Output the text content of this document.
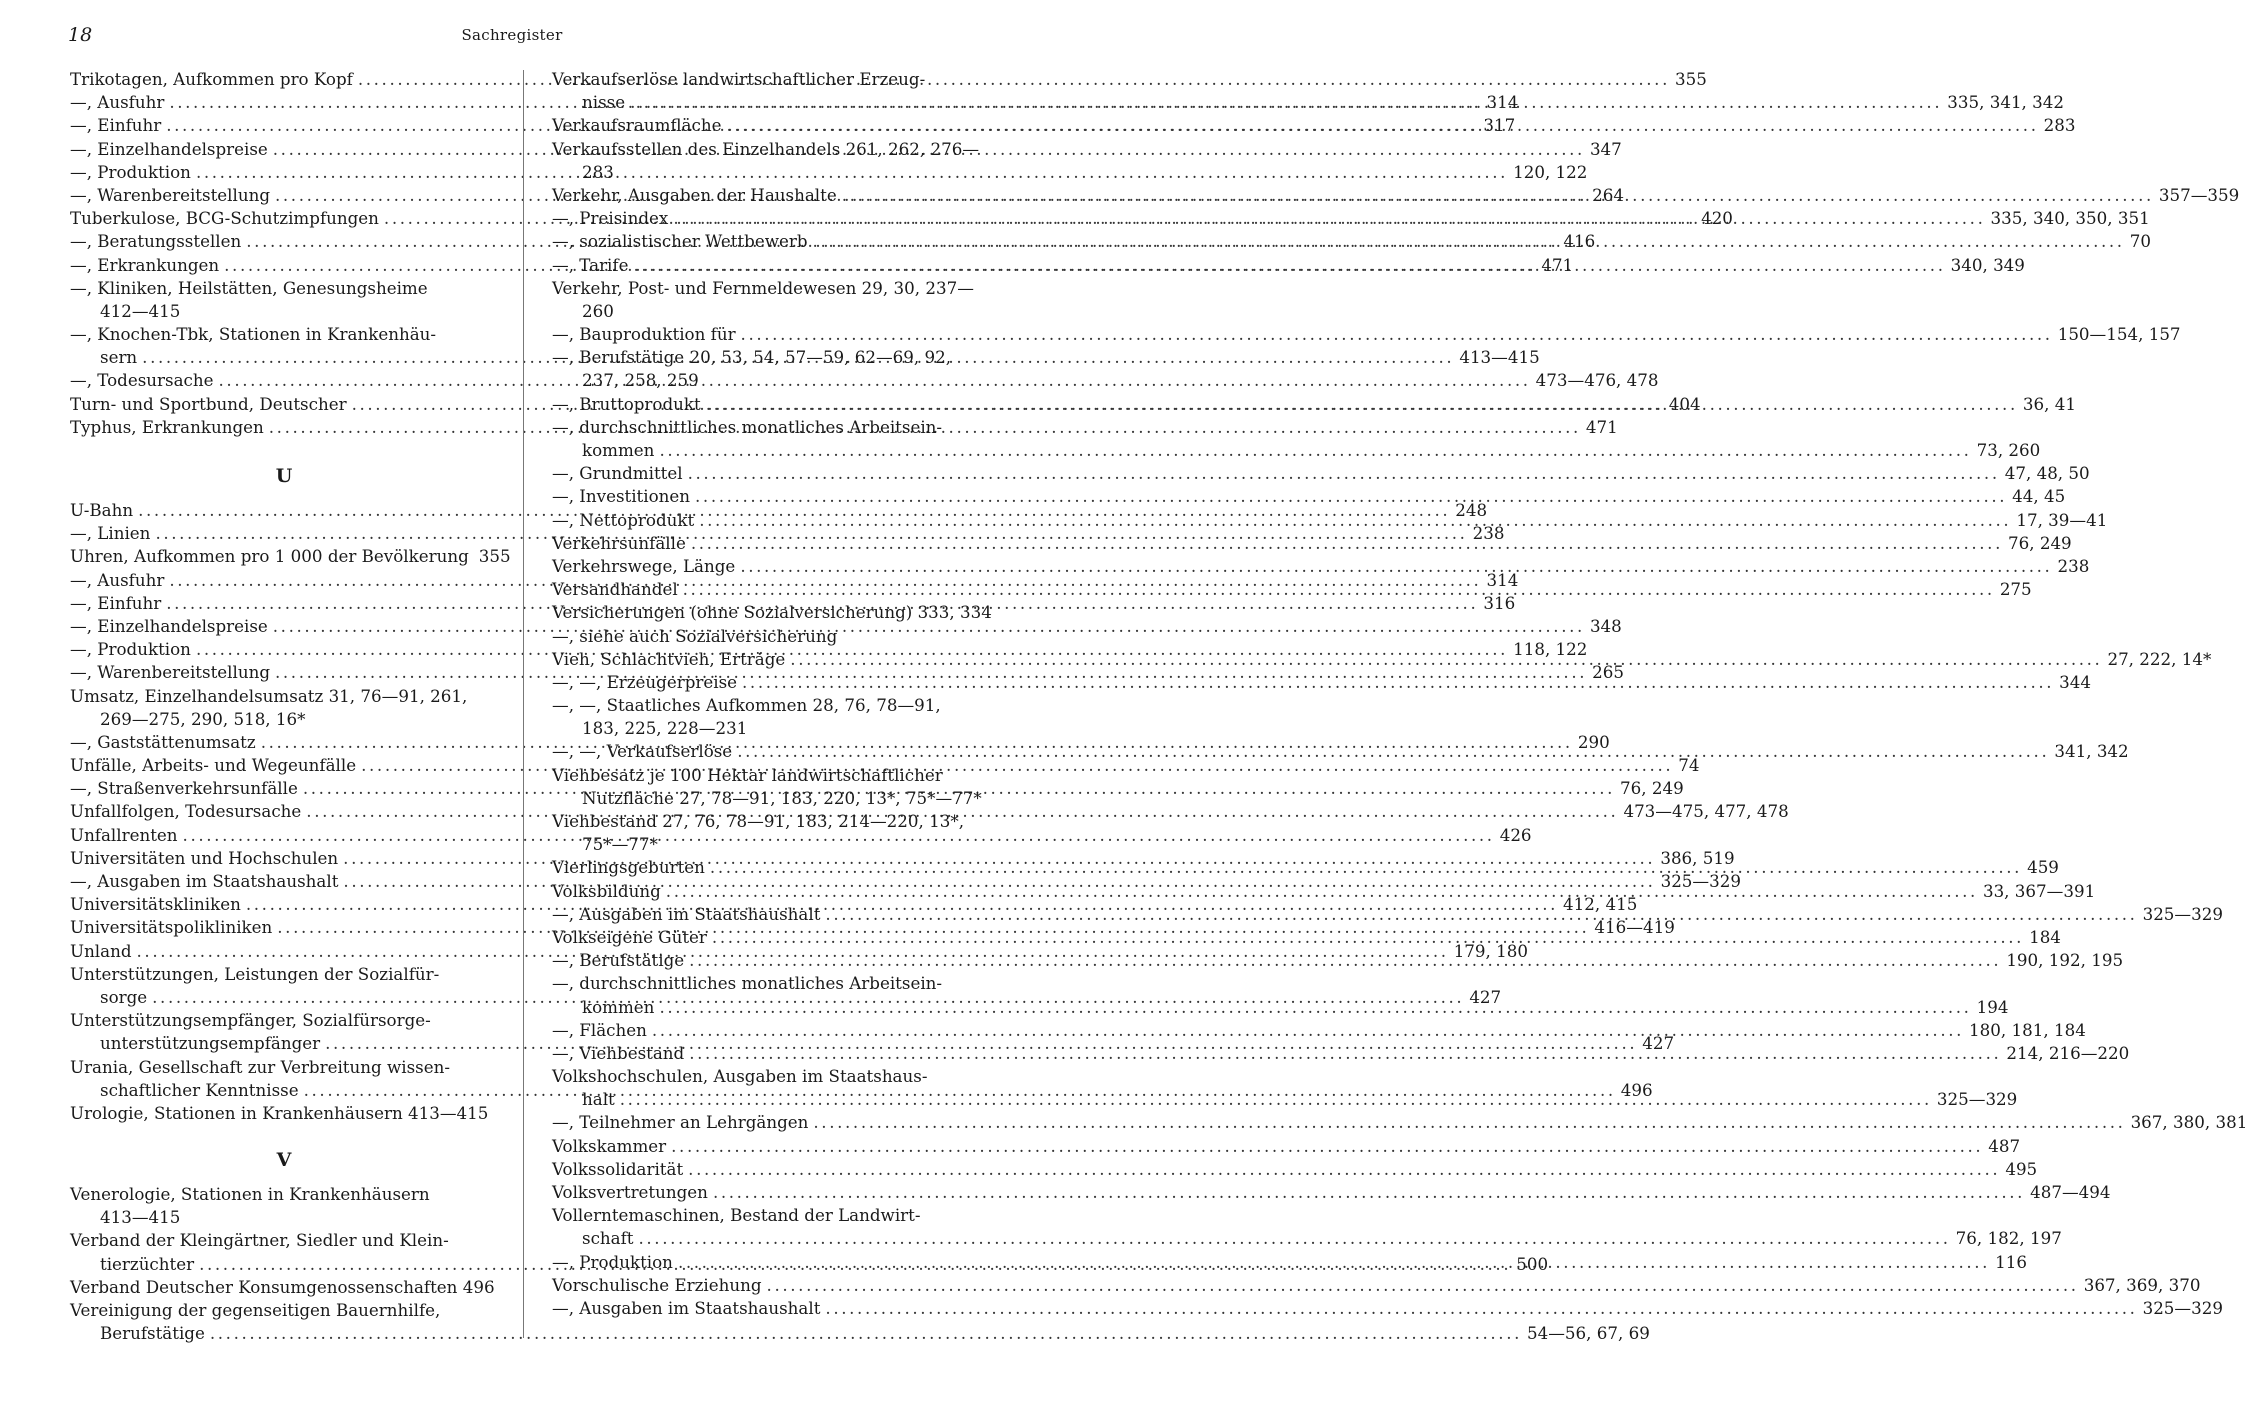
18	Sachregister
Trikotagen, Aufkommen pro Kopf .....	355
—, Ausfuhr .....	314
—, Einfuhr .....	317
—, Einzelhandelspreise .....	347
—, Produktion .....	120, 122
—, Warenbereitstellung .....	264
Tuberkulose, BCG-Schutzimpfungen .....	420
—, Beratungsstellen .....	416
—, Erkrankungen .....	471
—, Kliniken, Heilstätten, Genesungsheime
412—415
—, Knochen-Tbk, Stationen in Krankenhäu-
sern .....	413—415
—, Todesursache .....	473—476, 478
Turn- und Sportbund, Deutscher .....	404
Typhus, Erkrankungen .....	471
U
U-Bahn .....	248
—, Linien .....	238
Uhren, Aufkommen pro 1 000 der Bevölkerung 355
—, Ausfuhr .....	314
—, Einfuhr .....	316
—, Einzelhandelspreise .....	348
—, Produktion .....	118, 122
—, Warenbereitstellung .....	265
Umsatz, Einzelhandelsumsatz 31, 76—91, 261,
269—275, 290, 518, 16*
—, Gaststättenumsatz .....	290
Unfälle, Arbeits- und Wegeunfälle .....	74
—, Straßenverkehrsunfälle .....	76, 249
Unfallfolgen, Todesursache .....	473—475, 477, 478
Unfallrenten .....	426
Universitäten und Hochschulen .....	386, 519
—, Ausgaben im Staatshaushalt .....	325—329
Universitätskliniken .....	412, 415
Universitätspolikliniken .....	416—419
Unland .....	179, 180
Unterstützungen, Leistungen der Sozialfür-
sorge .....	427
Unterstützungsempfänger, Sozialfürsorge-
unterstützungsempfänger .....	427
Urania, Gesellschaft zur Verbreitung wissen-
schaftlicher Kenntnisse .....	496
Urologie, Stationen in Krankenhäusern 413—415
V
Venerologie, Stationen in Krankenhäusern
413—415
Verband der Kleingärtner, Siedler und Klein-
tierzüchter .....	500
Verband Deutscher Konsumgenossenschaften 496
Vereinigung der gegenseitigen Bauernhilfe,
Berufstätige .....	54—56, 67, 69
Verkaufserlöse landwirtschaftlicher Erzeug-
nisse .....	335, 341, 342
Verkaufsraumfläche .....	283
Verkaufsstellen des Einzelhandels 261, 262, 276—
283
Verkehr, Ausgaben der Haushalte .....	357—359
—, Preisindex .....	335, 340, 350, 351
—, sozialistischer Wettbewerb .....	70
—, Tarife .....	340, 349
Verkehr, Post- und Fernmeldewesen 29, 30, 237—
260
—, Bauproduktion für .....	150—154, 157
—, Berufstätige 20, 53, 54, 57—59, 62—69, 92,
237, 258, 259
—, Bruttoprodukt .....	36, 41
—, durchschnittliches monatliches Arbeitsein-
kommen .....	73, 260
—, Grundmittel .....	47, 48, 50
—, Investitionen .....	44, 45
—, Nettoprodukt .....	17, 39—41
Verkehrsunfälle .....	76, 249
Verkehrswege, Länge .....	238
Versandhandel .....	275
Versicherungen (ohne Sozialversicherung) 333, 334
—, siehe auch Sozialversicherung
Vieh, Schlachtvieh, Erträge .....	27, 222, 14*
—, —, Erzeugerpreise .....	344
—, —, Staatliches Aufkommen 28, 76, 78—91,
183, 225, 228—231
—, —, Verkaufserlöse .....	341, 342
Viehbesatz je 100 Hektar landwirtschaftlicher
Nutzfläche 27, 78—91, 183, 220, 13*, 75*—77*
Viehbestand 27, 76, 78—91, 183, 214—220, 13*,
75*—77*
Vierlingsgeburten .....	459
Volksbildung .....	33, 367—391
—, Ausgaben im Staatshaushalt .....	325—329
Volkseigene Güter .....	184
—, Berufstätige .....	190, 192, 195
—, durchschnittliches monatliches Arbeitsein-
kommen .....	194
—, Flächen .....	180, 181, 184
—, Viehbestand .....	214, 216—220
Volkshochschulen, Ausgaben im Staatshaus-
halt .....	325—329
—, Teilnehmer an Lehrgängen .....	367, 380, 381
Volkskammer .....	487
Volkssolidarität .....	495
Volksvertretungen .....	487—494
Vollerntemaschinen, Bestand der Landwirt-
schaft .....	76, 182, 197
—, Produktion .....	116
Vorschulische Erziehung .....	367, 369, 370
—, Ausgaben im Staatshaushalt .....	325—329
